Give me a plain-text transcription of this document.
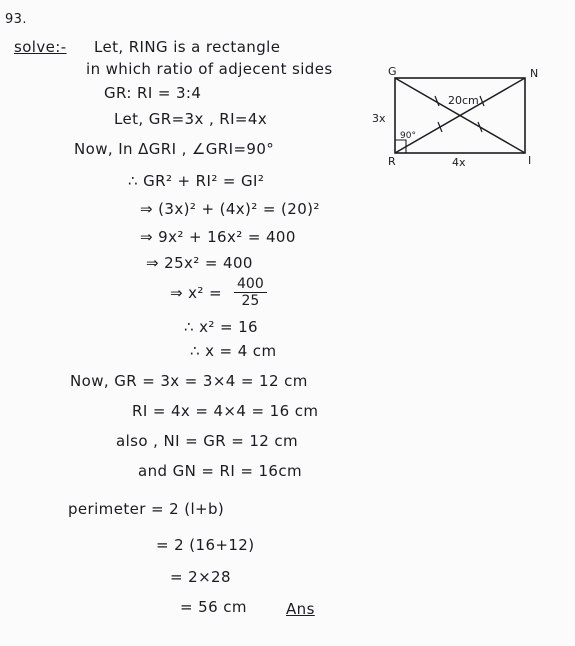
93.
solve:- Let, RING is a rectangle
in which ratio of adjecent sides
GR: RI = 3:4
G	N
R	I
20cm
3x
4x
90°
Let, GR=3x , RI=4x
Now, In ΔGRI , ∠GRI=90°
∴ GR² + RI² = GI²
⇒ (3x)² + (4x)² = (20)²
⇒ 9x² + 16x² = 400
⇒ 25x² = 400
⇒ $x^2 = \frac{400}{25}$
∴ x² = 16
∴ x = 4 cm
Now, GR = 3x = 3×4 = 12 cm
RI = 4x = 4×4 = 16 cm
also , NI = GR = 12 cm
and GN = RI = 16cm
perimeter = 2 (l+b)
= 2 (16+12)
= 2×28
= 56 cm	Ans
